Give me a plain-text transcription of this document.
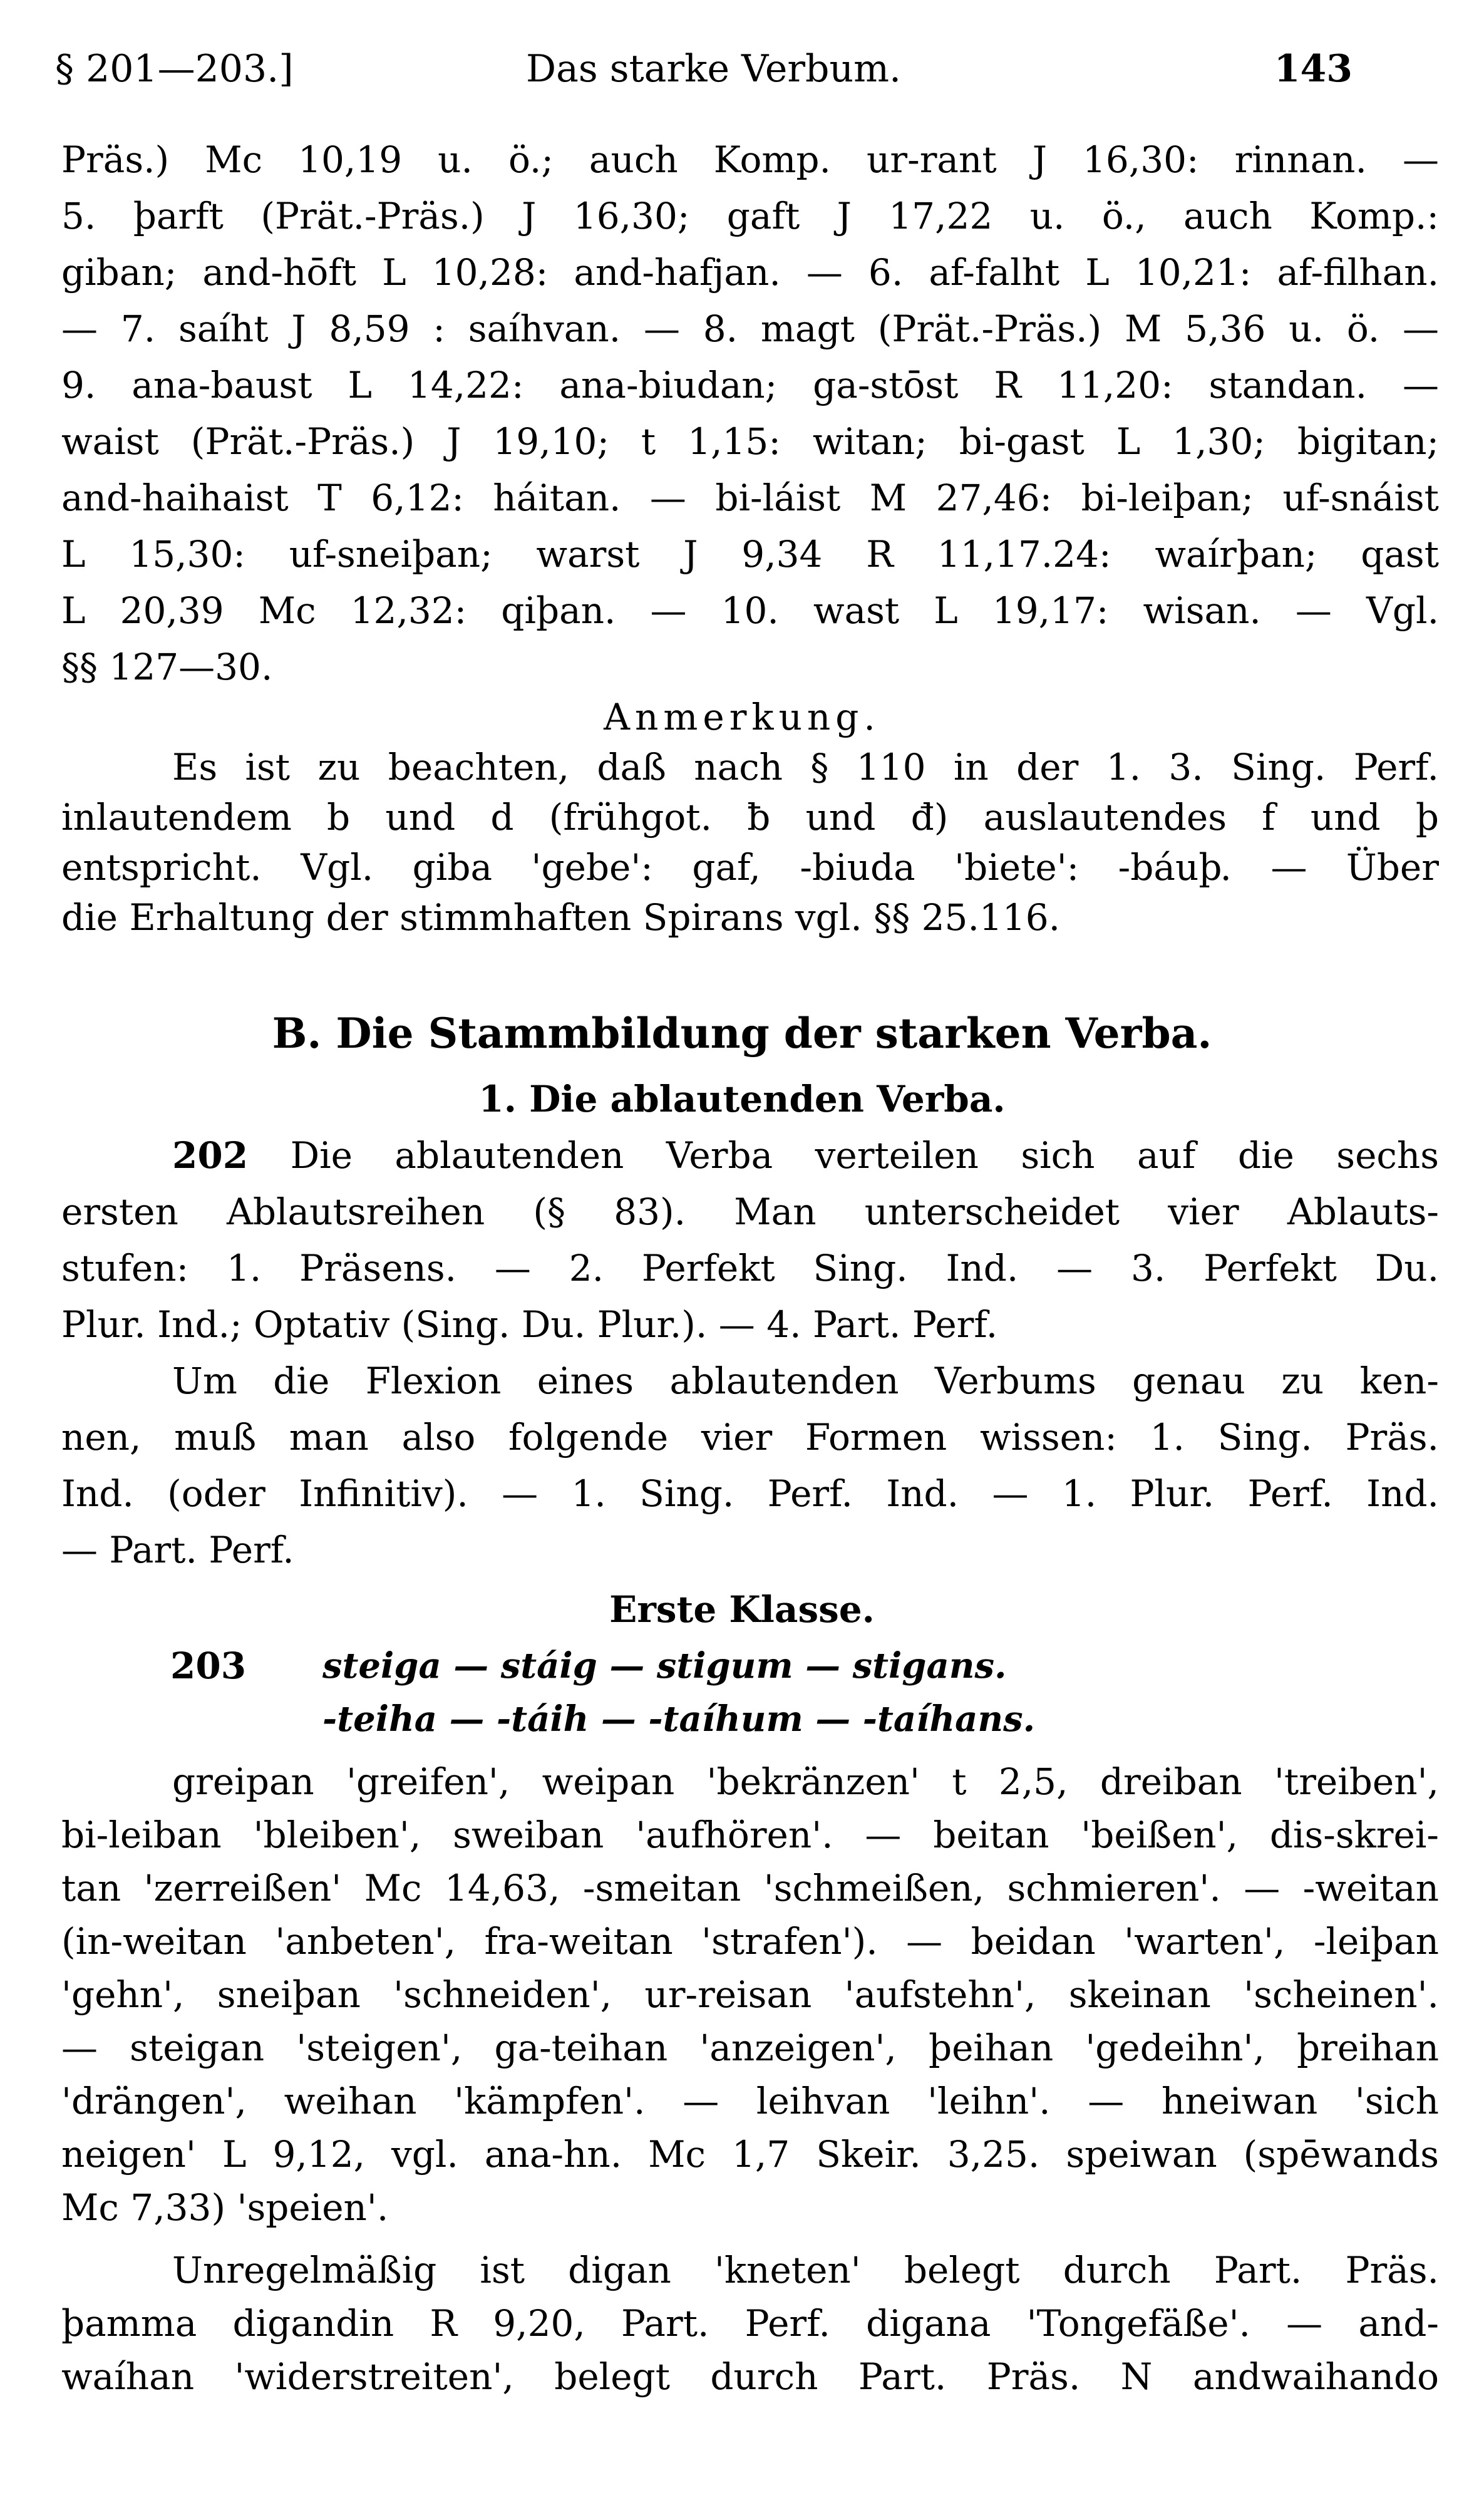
§ 201—203.]	Das starke Verbum.	143
Präs.) Mc 10,19 u. ö.; auch Komp. ur-rant J 16,30: rinnan. —
5. þarft (Prät.-Präs.) J 16,30; gaft J 17,22 u. ö., auch Komp.:
giban; and-hōft L 10,28: and-hafjan. — 6. af-falht L 10,21: af-filhan.
— 7. saíht J 8,59 : saíhvan. — 8. magt (Prät.-Präs.) M 5,36 u. ö. —
9. ana-baust L 14,22: ana-biudan; ga-stōst R 11,20: standan. —
waist (Prät.-Präs.) J 19,10; t 1,15: witan; bi-gast L 1,30; bigitan;
and-haihaist T 6,12: háitan. — bi-láist M 27,46: bi-leiþan; uf-snáist
L 15,30: uf-sneiþan; warst J 9,34 R 11,17.24: waírþan; qast
L 20,39 Mc 12,32: qiþan. — 10. wast L 19,17: wisan. — Vgl.
§§ 127—30.
Anmerkung.
Es ist zu beachten, daß nach § 110 in der 1. 3. Sing. Perf.
inlautendem b und d (frühgot. ƀ und đ) auslautendes f und þ
entspricht. Vgl. giba 'gebe': gaf, -biuda 'biete': -báuþ. — Über
die Erhaltung der stimmhaften Spirans vgl. §§ 25.116.
B. Die Stammbildung der starken Verba.
1. Die ablautenden Verba.
202 Die ablautenden Verba verteilen sich auf die sechs
ersten Ablautsreihen (§ 83). Man unterscheidet vier Ablauts-
stufen: 1. Präsens. — 2. Perfekt Sing. Ind. — 3. Perfekt Du.
Plur. Ind.; Optativ (Sing. Du. Plur.). — 4. Part. Perf.
Um die Flexion eines ablautenden Verbums genau zu ken-
nen, muß man also folgende vier Formen wissen: 1. Sing. Präs.
Ind. (oder Infinitiv). — 1. Sing. Perf. Ind. — 1. Plur. Perf. Ind.
— Part. Perf.
Erste Klasse.
203 steiga — stáig — stigum — stigans.
-teiha — -táih — -taíhum — -taíhans.
greipan 'greifen', weipan 'bekränzen' t 2,5, dreiban 'treiben',
bi-leiban 'bleiben', sweiban 'aufhören'. — beitan 'beißen', dis-skrei-
tan 'zerreißen' Mc 14,63, -smeitan 'schmeißen, schmieren'. — -weitan
(in-weitan 'anbeten', fra-weitan 'strafen'). — beidan 'warten', -leiþan
'gehn', sneiþan 'schneiden', ur-reisan 'aufstehn', skeinan 'scheinen'.
— steigan 'steigen', ga-teihan 'anzeigen', þeihan 'gedeihn', þreihan
'drängen', weihan 'kämpfen'. — leihvan 'leihn'. — hneiwan 'sich
neigen' L 9,12, vgl. ana-hn. Mc 1,7 Skeir. 3,25. speiwan (spēwands
Mc 7,33) 'speien'.
Unregelmäßig ist digan 'kneten' belegt durch Part. Präs.
þamma digandin R 9,20, Part. Perf. digana 'Tongefäße'. — and-
waíhan 'widerstreiten', belegt durch Part. Präs. N andwaihando
